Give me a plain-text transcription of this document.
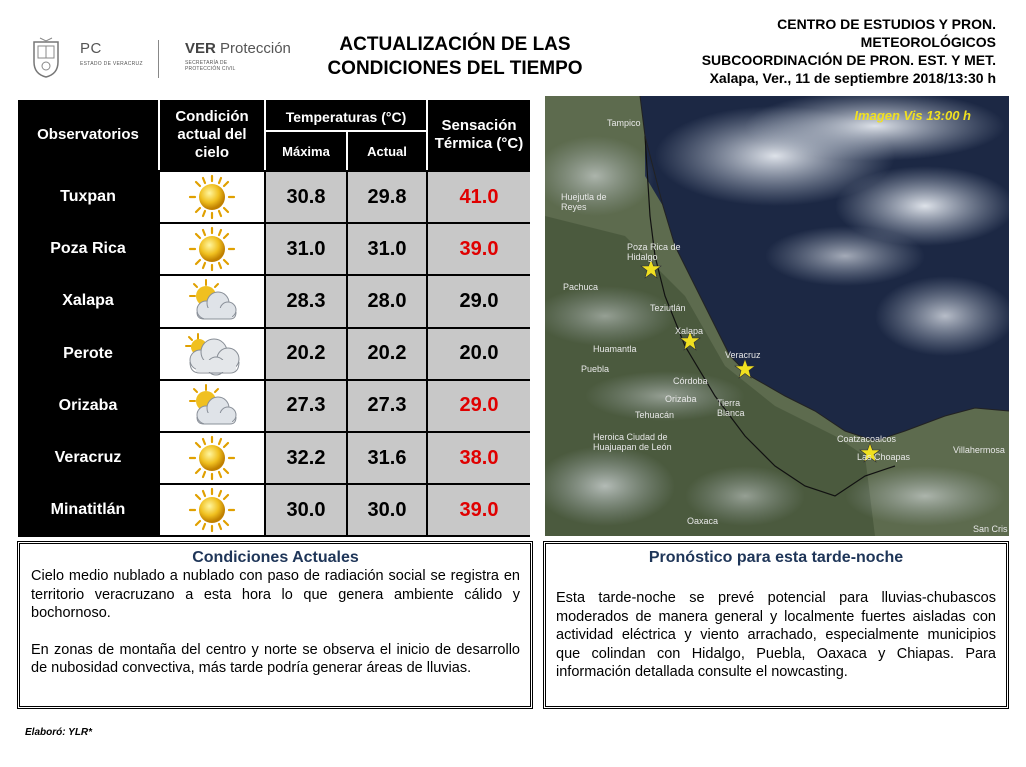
PC
ESTADO DE VERACRUZ
VER Protección
SECRETARÍA DE
PROTECCIÓN CIVIL
ACTUALIZACIÓN DE LAS
CONDICIONES DEL TIEMPO
CENTRO DE ESTUDIOS Y PRON.
METEOROLÓGICOS
SUBCOORDINACIÓN DE PRON. EST. Y MET.
Xalapa, Ver., 11 de septiembre 2018/13:30 h
Observatorios
Condición actual del cielo
Temperaturas (°C)
Máxima	Actual
Sensación Térmica (°C)
Tuxpan	30.8	29.8	41.0
Poza Rica	31.0	31.0	39.0
Xalapa	28.3	28.0	29.0
Perote	20.2	20.2	20.0
Orizaba	27.3	27.3	29.0
Veracruz	32.2	31.6	38.0
Minatitlán	30.0	30.0	39.0
Imagen Vis 13:00 h
Tampico
Huejutla de Reyes
Poza Rica de Hidalgo
Pachuca
Teziutlán
Xalapa
Huamantla
Veracruz
Puebla
Córdoba
Orizaba
Tehuacán
Tierra Blanca
Heroica Ciudad de Huajuapan de León
Coatzacoalcos
Las Choapas
Villahermosa
Oaxaca
San Cris
Condiciones Actuales

Cielo medio nublado a nublado con paso de radiación social se registra en territorio veracruzano a esta hora lo que genera ambiente cálido y bochornoso.

En zonas de montaña del centro y norte se observa el inicio de desarrollo de nubosidad convectiva, más tarde podría generar áreas de lluvias.

Pronóstico para esta tarde-noche

Esta tarde-noche se prevé potencial para lluvias-chubascos moderados de manera general y localmente fuertes aisladas con actividad eléctrica y viento arrachado, especialmente municipios que colindan con Hidalgo, Puebla, Oaxaca y Chiapas. Para información detallada consulte el nowcasting.

Elaboró: YLR*
